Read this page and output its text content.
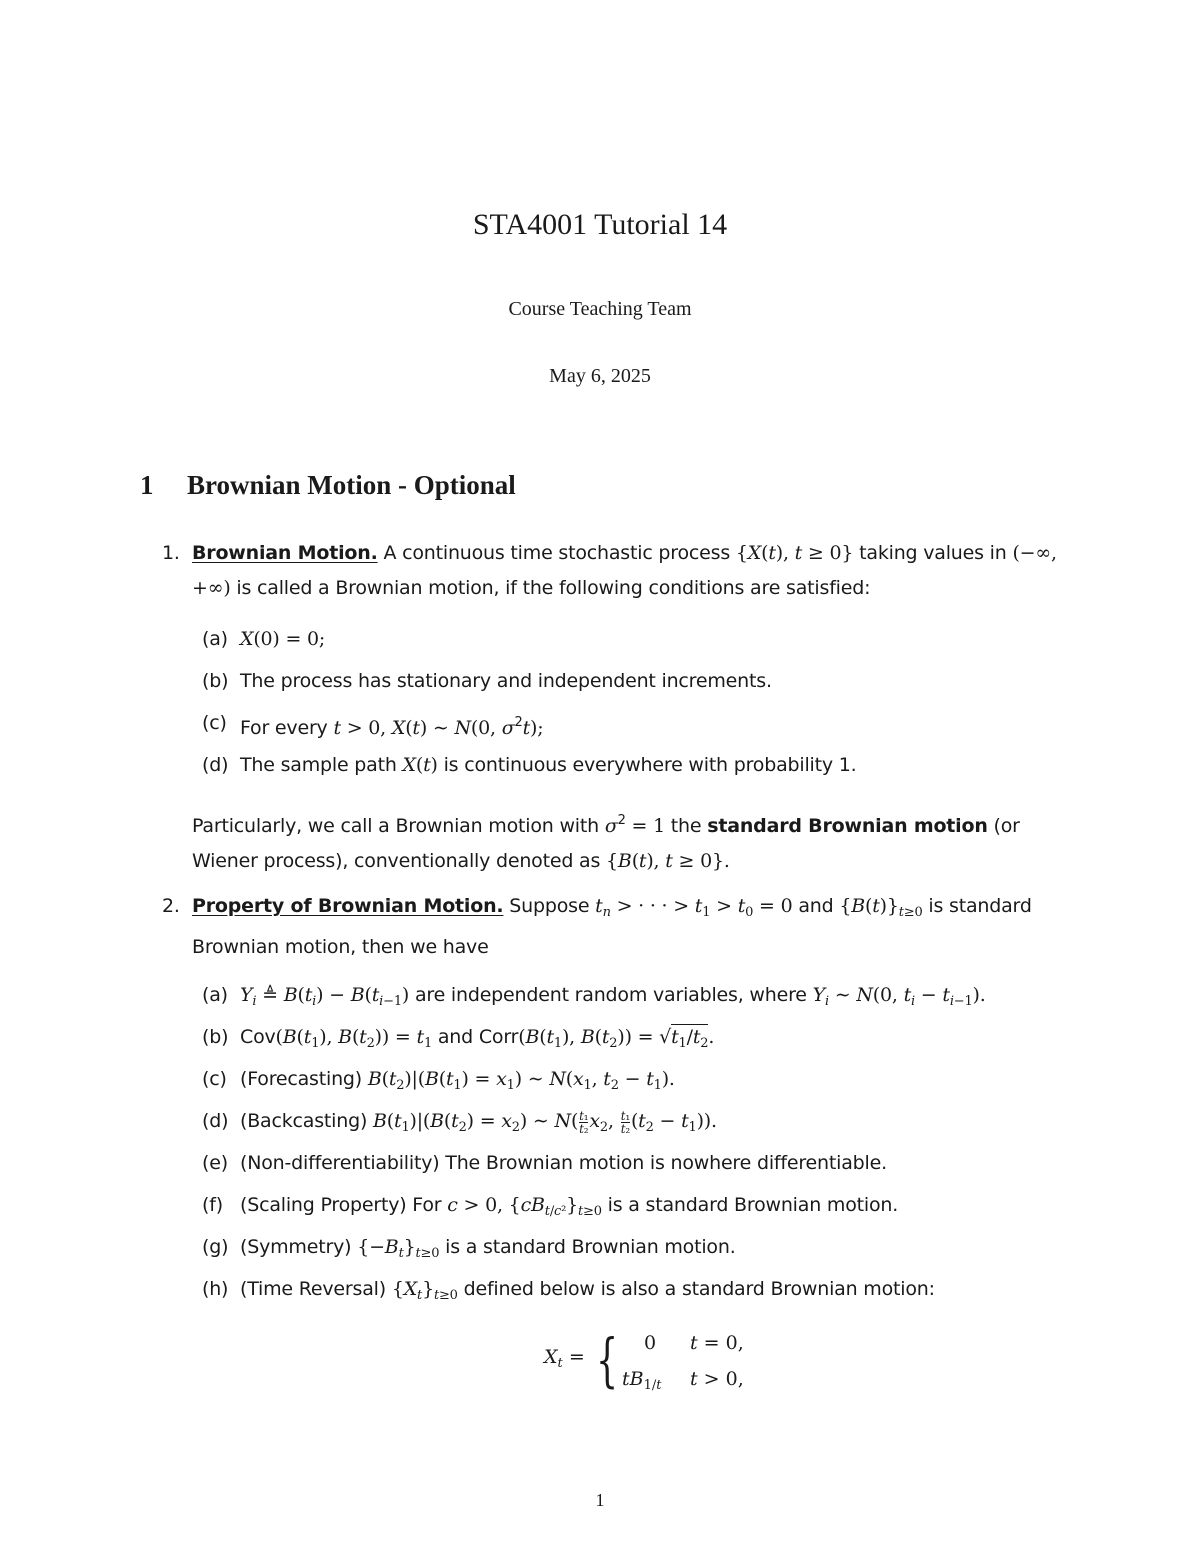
STA4001 Tutorial 14
Course Teaching Team
May 6, 2025
1 Brownian Motion - Optional
1. Brownian Motion. A continuous time stochastic process {X(t), t ≥ 0} taking values in (−∞, +∞) is called a Brownian motion, if the following conditions are satisfied:
(a) X(0) = 0;
(b) The process has stationary and independent increments.
(c) For every t > 0, X(t) ∼ N(0, $\sigma^2t$);
(d) The sample path X(t) is continuous everywhere with probability 1.
Particularly, we call a Brownian motion with $\sigma^2 = 1$ the standard Brownian motion (or Wiener process), conventionally denoted as {B(t), t ≥ 0}.
2. Property of Brownian Motion. Suppose $t_n$ > · · · > $t_1 > t_0 = 0$ and $\{B(t)\}_{t\ge 0}$ is standard Brownian motion, then we have
(a) $Y_i$ ≜ $B(t_i) - B(t_{i-1})$ are independent random variables, where $Y_i$ ∼ N(0, $t_i - t_{i-1}$).
(b) $Cov(B(t_1)$, $B(t_2)) = t_1$ and $Corr(B(t_1)$, $B(t_2)) = √t_1/t_2$.
(c) (Forecasting) $B(t_2)|(B(t_1) = x_1)$ ∼ $N(x_1$, $t_2 - t_1$).
(d) (Backcasting) $B(t_1)|(B(t_2) = x_2)$ ∼ $N( \frac{\text{t₁}}{\text{t₂}} x_2$, $\frac{\text{t₁}}{\text{t₂}} (t_2 - t_1)$).
(e) (Non-differentiability) The Brownian motion is nowhere differentiable.
(f) (Scaling Property) For c > 0, $\{cB_{t/c^2}\}_{t\ge 0}$ is a standard Brownian motion.
(g) (Symmetry) $\{-B_t\}_{t\ge 0}$ is a standard Brownian motion.
(h) (Time Reversal) $\{X_t\}_{t\ge 0}$ defined below is also a standard Brownian motion:
$X_t$ = { 0 t = 0,
$tB_{1/t}$ t > 0,
1
